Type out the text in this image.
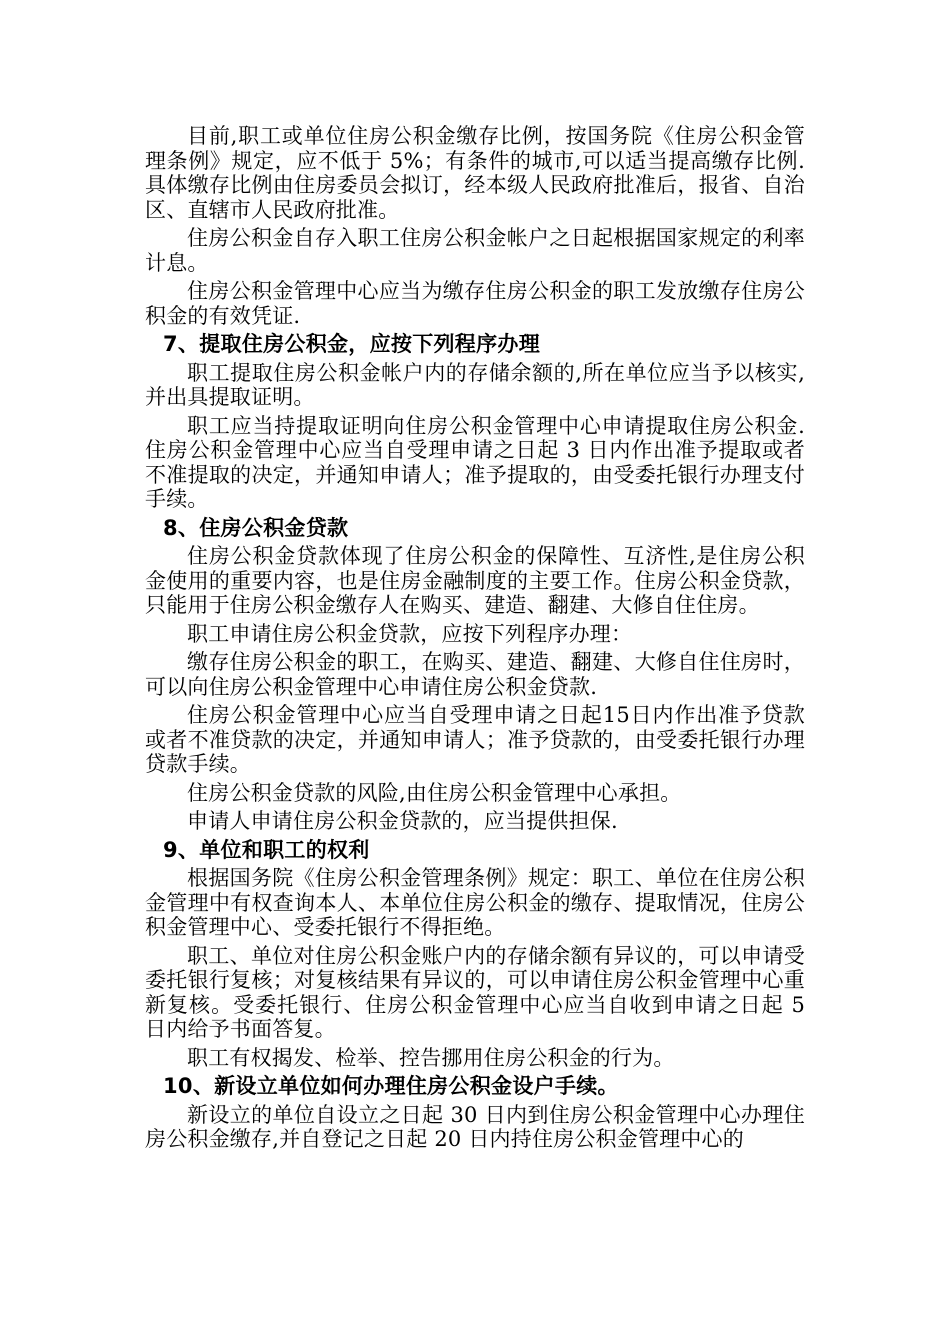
目前,职工或单位住房公积金缴存比例，按国务院《住房公积金管理条例》规定，应不低于 5%；有条件的城市,可以适当提高缴存比例.具体缴存比例由住房委员会拟订，经本级人民政府批准后，报省、自治区、直辖市人民政府批准。

住房公积金自存入职工住房公积金帐户之日起根据国家规定的利率计息。

住房公积金管理中心应当为缴存住房公积金的职工发放缴存住房公积金的有效凭证.

7、提取住房公积金，应按下列程序办理

职工提取住房公积金帐户内的存储余额的,所在单位应当予以核实,并出具提取证明。

职工应当持提取证明向住房公积金管理中心申请提取住房公积金.住房公积金管理中心应当自受理申请之日起 3 日内作出准予提取或者不准提取的决定，并通知申请人；准予提取的，由受委托银行办理支付手续。

8、住房公积金贷款

住房公积金贷款体现了住房公积金的保障性、互济性,是住房公积金使用的重要内容，也是住房金融制度的主要工作。住房公积金贷款，只能用于住房公积金缴存人在购买、建造、翻建、大修自住住房。

职工申请住房公积金贷款，应按下列程序办理：

缴存住房公积金的职工，在购买、建造、翻建、大修自住住房时，可以向住房公积金管理中心申请住房公积金贷款.

住房公积金管理中心应当自受理申请之日起15日内作出准予贷款或者不准贷款的决定，并通知申请人；准予贷款的，由受委托银行办理贷款手续。

住房公积金贷款的风险,由住房公积金管理中心承担。

申请人申请住房公积金贷款的，应当提供担保.

9、单位和职工的权利

根据国务院《住房公积金管理条例》规定：职工、单位在住房公积金管理中有权查询本人、本单位住房公积金的缴存、提取情况，住房公积金管理中心、受委托银行不得拒绝。

职工、单位对住房公积金账户内的存储余额有异议的，可以申请受委托银行复核；对复核结果有异议的，可以申请住房公积金管理中心重新复核。受委托银行、住房公积金管理中心应当自收到申请之日起 5 日内给予书面答复。

职工有权揭发、检举、控告挪用住房公积金的行为。

10、新设立单位如何办理住房公积金设户手续。

新设立的单位自设立之日起 30 日内到住房公积金管理中心办理住房公积金缴存,并自登记之日起 20 日内持住房公积金管理中心的
